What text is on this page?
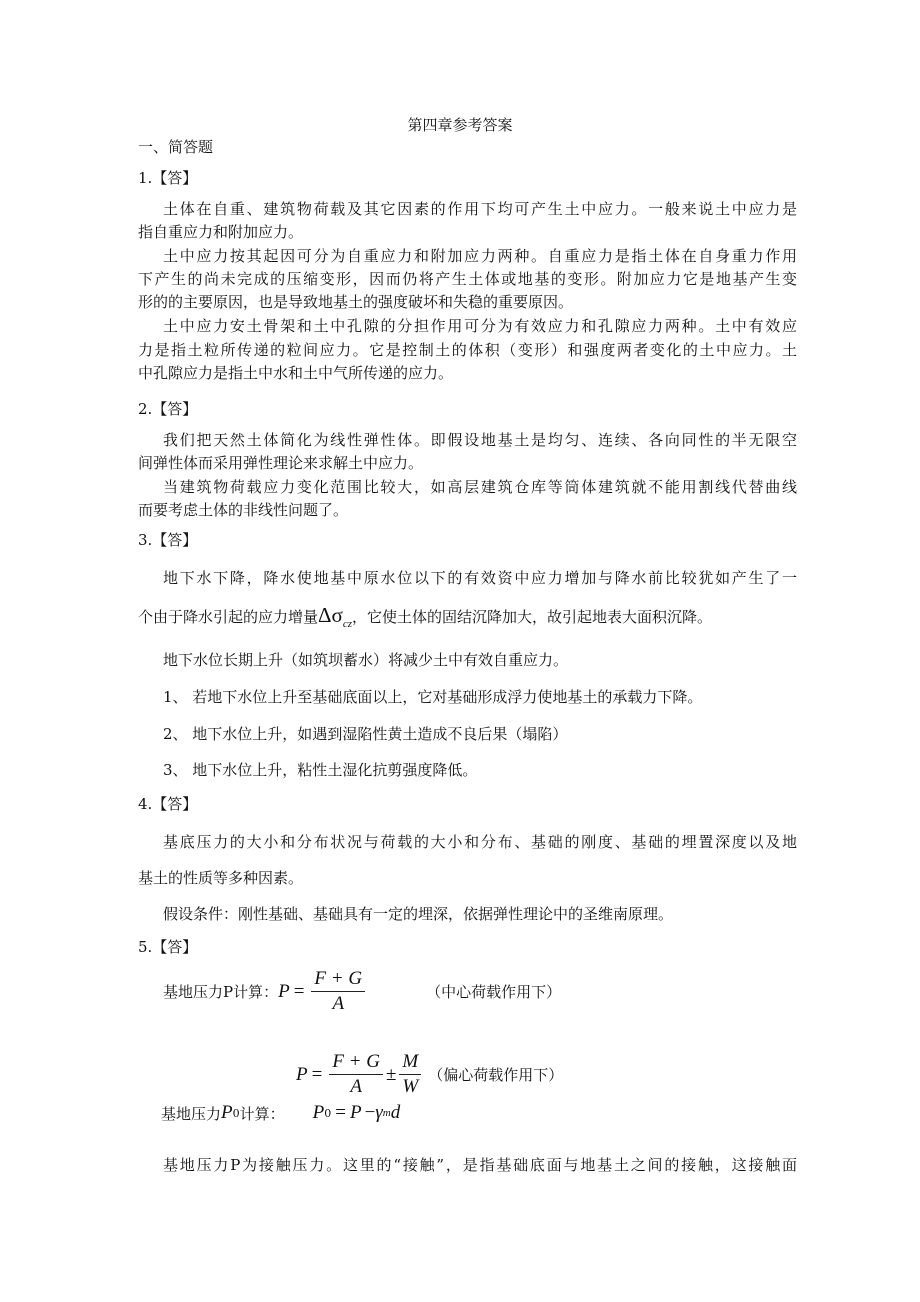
第四章参考答案
一、简答题
1.【答】
土体在自重、建筑物荷载及其它因素的作用下均可产生土中应力。一般来说土中应力是
指自重应力和附加应力。
土中应力按其起因可分为自重应力和附加应力两种。自重应力是指土体在自身重力作用
下产生的尚未完成的压缩变形，因而仍将产生土体或地基的变形。附加应力它是地基产生变
形的的主要原因，也是导致地基土的强度破坏和失稳的重要原因。
土中应力安土骨架和土中孔隙的分担作用可分为有效应力和孔隙应力两种。土中有效应
力是指土粒所传递的粒间应力。它是控制土的体积（变形）和强度两者变化的土中应力。土
中孔隙应力是指土中水和土中气所传递的应力。
2.【答】
我们把天然土体简化为线性弹性体。即假设地基土是均匀、连续、各向同性的半无限空
间弹性体而采用弹性理论来求解土中应力。
当建筑物荷载应力变化范围比较大，如高层建筑仓库等筒体建筑就不能用割线代替曲线
而要考虑土体的非线性问题了。
3.【答】
地下水下降，降水使地基中原水位以下的有效资中应力增加与降水前比较犹如产生了一
个由于降水引起的应力增量$\Delta\sigma_{cz}$，它使土体的固结沉降加大，故引起地表大面积沉降。
地下水位长期上升（如筑坝蓄水）将减少土中有效自重应力。
1、 若地下水位上升至基础底面以上，它对基础形成浮力使地基土的承载力下降。
2、 地下水位上升，如遇到湿陷性黄土造成不良后果（塌陷）
3、 地下水位上升，粘性土湿化抗剪强度降低。
4.【答】
基底压力的大小和分布状况与荷载的大小和分布、基础的刚度、基础的埋置深度以及地
基土的性质等多种因素。
假设条件：刚性基础、基础具有一定的埋深，依据弹性理论中的圣维南原理。
5.【答】
基地压力P计算： $P = \frac{F + G}{A}$	（中心荷载作用下）
$P = \frac{F + G}{A} \pm \frac{M}{W}$ （偏心荷载作用下）
基地压力 P 0 计算： P 0 = P − γ m d
基地压力P为接触压力。这里的“接触”，是指基础底面与地基土之间的接触，这接触面
